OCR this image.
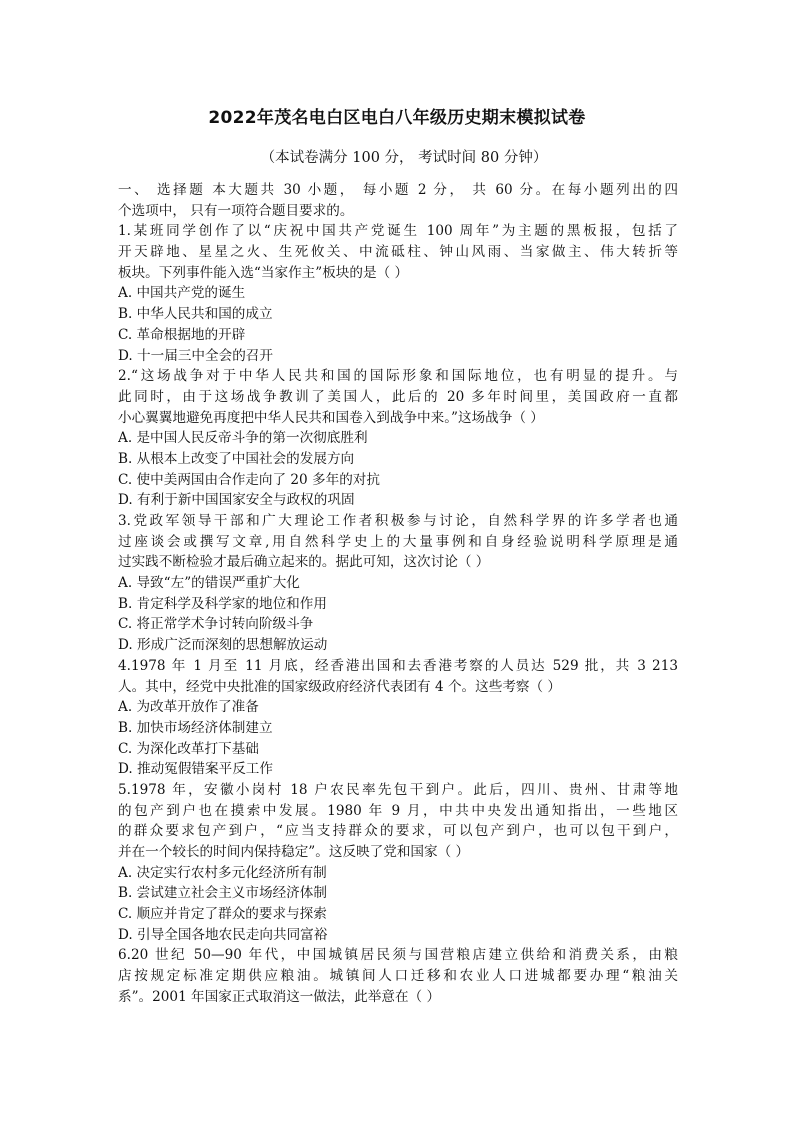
2022年茂名电白区电白八年级历史期末模拟试卷
（本试卷满分 100 分， 考试时间 80 分钟）
一、 选择题 本大题共 30 小题， 每小题 2 分， 共 60 分。在每小题列出的四
个选项中， 只有一项符合题目要求的。
1.某班同学创作了以“庆祝中国共产党诞生 100 周年”为主题的黑板报，包括了
开天辟地、星星之火、生死攸关、中流砥柱、钟山风雨、当家做主、伟大转折等
板块。下列事件能入选“当家作主”板块的是（ ）
A. 中国共产党的诞生
B. 中华人民共和国的成立
C. 革命根据地的开辟
D. 十一届三中全会的召开
2.“这场战争对于中华人民共和国的国际形象和国际地位，也有明显的提升。与
此同时，由于这场战争教训了美国人，此后的 20 多年时间里，美国政府一直都
小心翼翼地避免再度把中华人民共和国卷入到战争中来。”这场战争（ ）
A. 是中国人民反帝斗争的第一次彻底胜利
B. 从根本上改变了中国社会的发展方向
C. 使中美两国由合作走向了 20 多年的对抗
D. 有利于新中国国家安全与政权的巩固
3.党政军领导干部和广大理论工作者积极参与讨论，自然科学界的许多学者也通
过座谈会或撰写文章,用自然科学史上的大量事例和自身经验说明科学原理是通
过实践不断检验才最后确立起来的。据此可知，这次讨论（ ）
A. 导致“左”的错误严重扩大化
B. 肯定科学及科学家的地位和作用
C. 将正常学术争讨转向阶级斗争
D. 形成广泛而深刻的思想解放运动
4.1978 年 1 月至 11 月底，经香港出国和去香港考察的人员达 529 批，共 3 213
人。其中，经党中央批准的国家级政府经济代表团有 4 个。这些考察（ ）
A. 为改革开放作了准备
B. 加快市场经济体制建立
C. 为深化改革打下基础
D. 推动冤假错案平反工作
5.1978 年，安徽小岗村 18 户农民率先包干到户。此后，四川、贵州、甘肃等地
的包产到户也在摸索中发展。1980 年 9 月，中共中央发出通知指出，一些地区
的群众要求包产到户，“应当支持群众的要求，可以包产到户，也可以包干到户，
并在一个较长的时间内保持稳定”。这反映了党和国家（ ）
A. 决定实行农村多元化经济所有制
B. 尝试建立社会主义市场经济体制
C. 顺应并肯定了群众的要求与探索
D. 引导全国各地农民走向共同富裕
6.20 世纪 50—90 年代，中国城镇居民须与国营粮店建立供给和消费关系，由粮
店按规定标准定期供应粮油。城镇间人口迁移和农业人口进城都要办理“粮油关
系”。2001 年国家正式取消这一做法，此举意在（ ）
